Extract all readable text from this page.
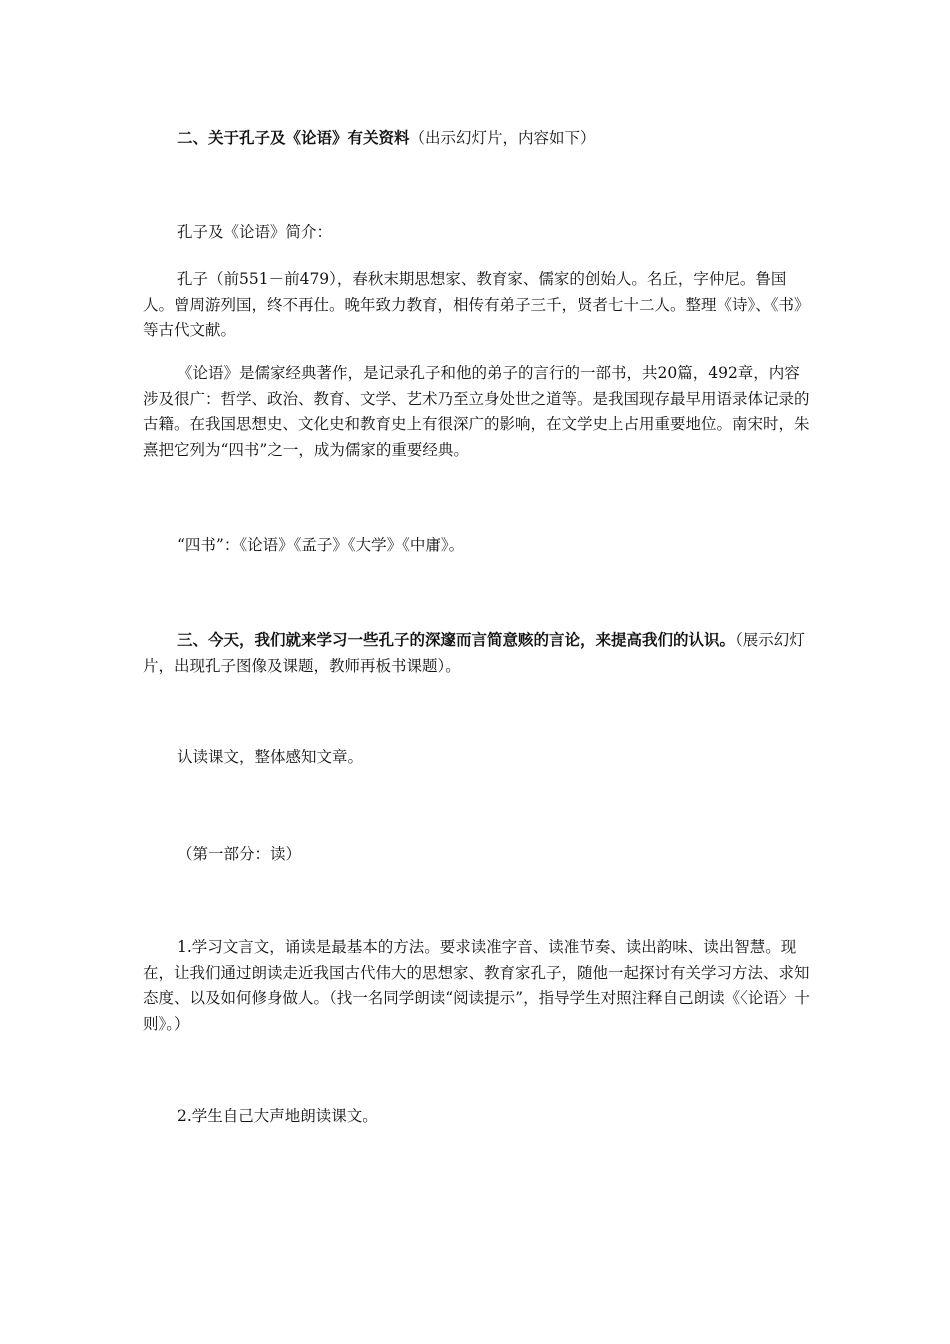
二、关于孔子及《论语》有关资料（出示幻灯片，内容如下）

孔子及《论语》简介：

孔子（前551－前479），春秋末期思想家、教育家、儒家的创始人。名丘，字仲尼。鲁国人。曾周游列国，终不再仕。晚年致力教育，相传有弟子三千，贤者七十二人。整理《诗》、《书》等古代文献。

《论语》是儒家经典著作，是记录孔子和他的弟子的言行的一部书，共20篇，492章，内容涉及很广：哲学、政治、教育、文学、艺术乃至立身处世之道等。是我国现存最早用语录体记录的古籍。在我国思想史、文化史和教育史上有很深广的影响，在文学史上占用重要地位。南宋时，朱熹把它列为“四书”之一，成为儒家的重要经典。

“四书”：《论语》《孟子》《大学》《中庸》。

三、今天，我们就来学习一些孔子的深邃而言简意赅的言论，来提高我们的认识。（展示幻灯片，出现孔子图像及课题，教师再板书课题）。

认读课文，整体感知文章。

（第一部分：读）

1.学习文言文，诵读是最基本的方法。要求读准字音、读准节奏、读出韵味、读出智慧。现在，让我们通过朗读走近我国古代伟大的思想家、教育家孔子，随他一起探讨有关学习方法、求知态度、以及如何修身做人。（找一名同学朗读“阅读提示”，指导学生对照注释自己朗读《〈论语〉十则》。）

2.学生自己大声地朗读课文。
